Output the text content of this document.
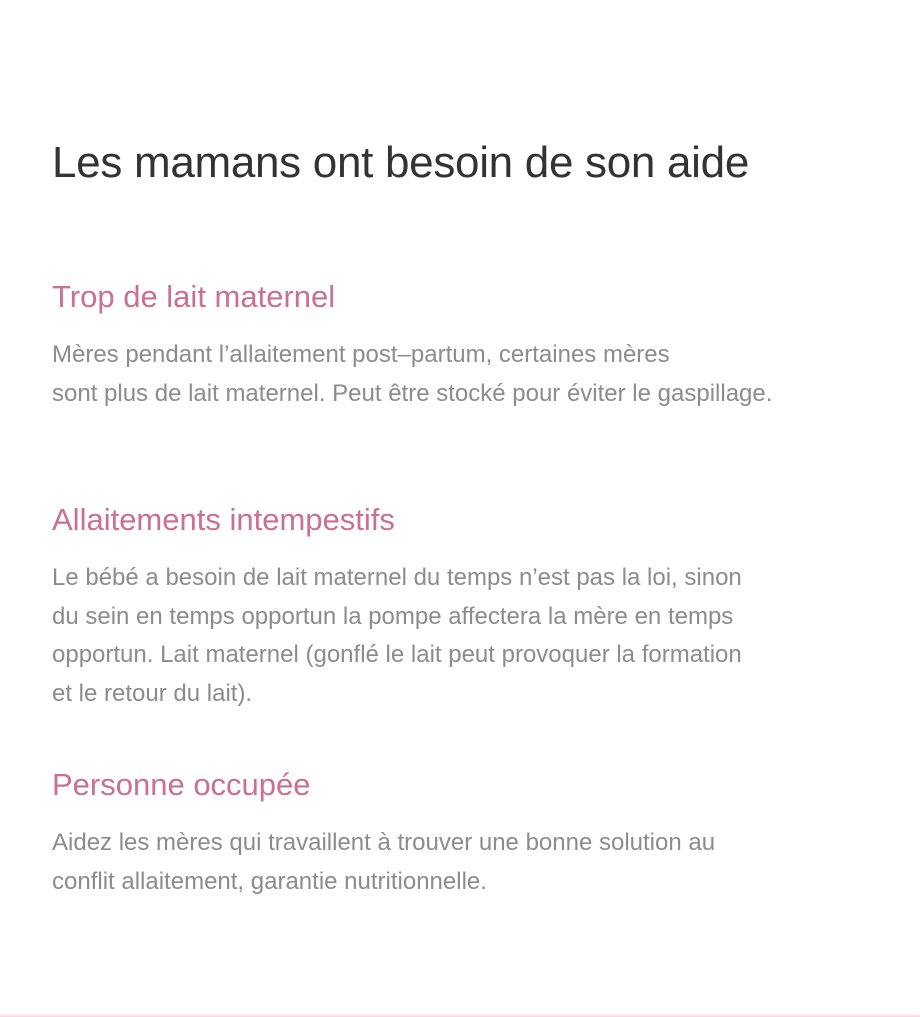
Les mamans ont besoin de son aide
Trop de lait maternel

Mères pendant l’allaitement post–partum, certaines mères
sont plus de lait maternel. Peut être stocké pour éviter le gaspillage.

Allaitements intempestifs

Le bébé a besoin de lait maternel du temps n’est pas la loi, sinon
du sein en temps opportun la pompe affectera la mère en temps
opportun. Lait maternel (gonflé le lait peut provoquer la formation
et le retour du lait).

Personne occupée

Aidez les mères qui travaillent à trouver une bonne solution au
conflit allaitement, garantie nutritionnelle.
